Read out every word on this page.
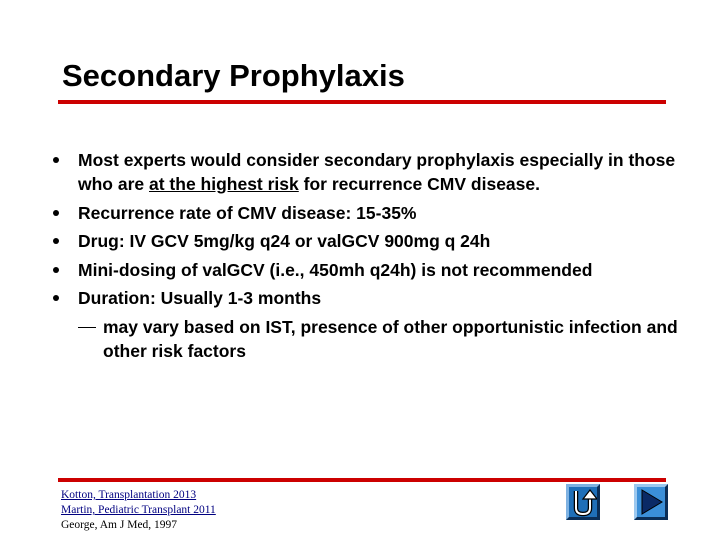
Secondary Prophylaxis
Most experts would consider secondary prophylaxis especially in those who are at the highest risk for recurrence CMV disease.
Recurrence rate of CMV disease: 15-35%
Drug: IV GCV 5mg/kg q24 or valGCV 900mg q 24h
Mini-dosing of valGCV (i.e., 450mh q24h) is not recommended
Duration: Usually 1-3 months
may vary based on IST, presence of other opportunistic infection and other risk factors
Kotton, Transplantation 2013
Martin, Pediatric Transplant 2011
George, Am J Med, 1997
